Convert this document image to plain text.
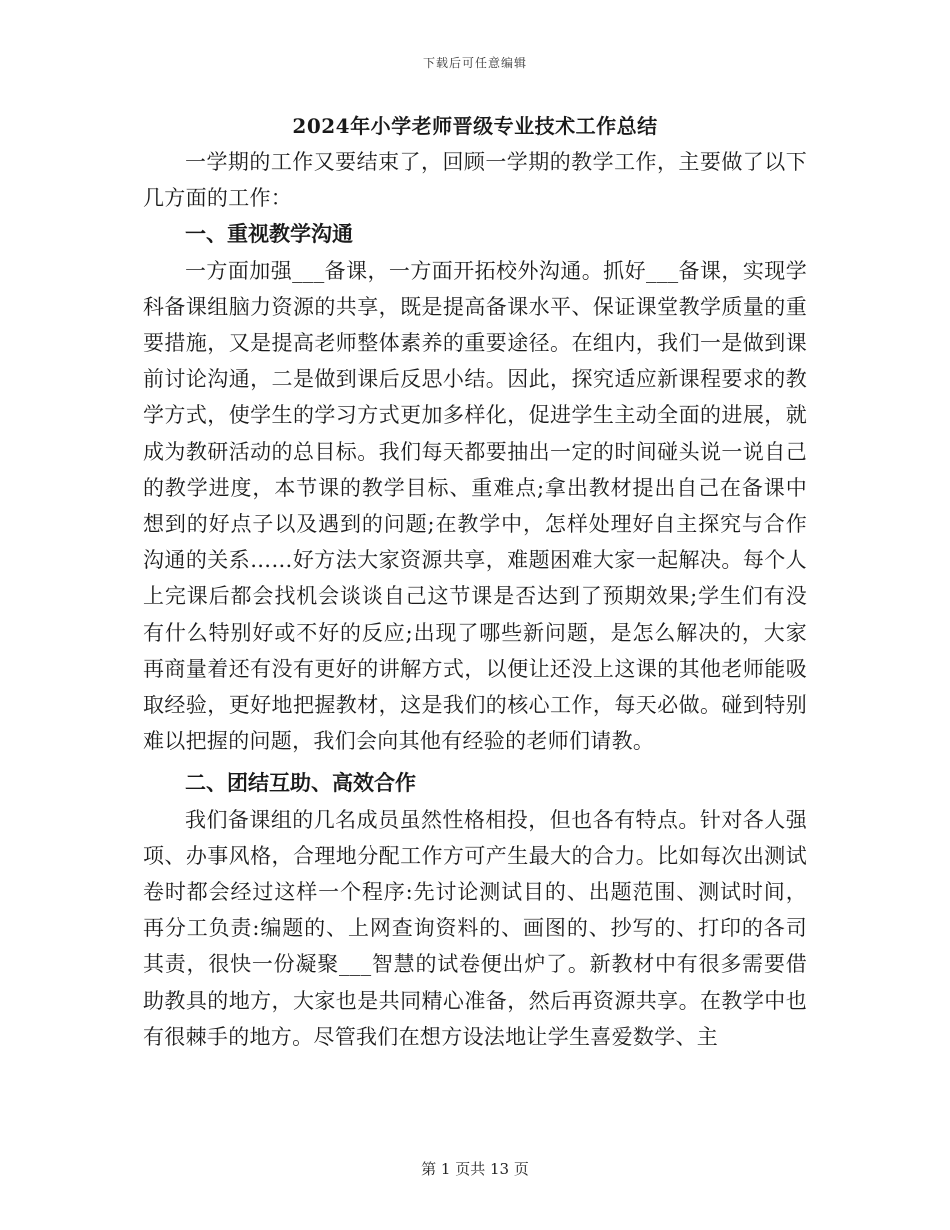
下载后可任意编辑
2024年小学老师晋级专业技术工作总结

一学期的工作又要结束了，回顾一学期的教学工作，主要做了以下几方面的工作：

一、重视教学沟通

一方面加强___备课，一方面开拓校外沟通。抓好___备课，实现学科备课组脑力资源的共享，既是提高备课水平、保证课堂教学质量的重要措施，又是提高老师整体素养的重要途径。在组内，我们一是做到课前讨论沟通，二是做到课后反思小结。因此，探究适应新课程要求的教学方式，使学生的学习方式更加多样化，促进学生主动全面的进展，就成为教研活动的总目标。我们每天都要抽出一定的时间碰头说一说自己的教学进度，本节课的教学目标、重难点;拿出教材提出自己在备课中想到的好点子以及遇到的问题;在教学中，怎样处理好自主探究与合作沟通的关系……好方法大家资源共享，难题困难大家一起解决。每个人上完课后都会找机会谈谈自己这节课是否达到了预期效果;学生们有没有什么特别好或不好的反应;出现了哪些新问题，是怎么解决的，大家再商量着还有没有更好的讲解方式，以便让还没上这课的其他老师能吸取经验，更好地把握教材，这是我们的核心工作，每天必做。碰到特别难以把握的问题，我们会向其他有经验的老师们请教。

二、团结互助、高效合作

我们备课组的几名成员虽然性格相投，但也各有特点。针对各人强项、办事风格，合理地分配工作方可产生最大的合力。比如每次出测试卷时都会经过这样一个程序:先讨论测试目的、出题范围、测试时间，再分工负责:编题的、上网查询资料的、画图的、抄写的、打印的各司其责，很快一份凝聚___智慧的试卷便出炉了。新教材中有很多需要借助教具的地方，大家也是共同精心准备，然后再资源共享。在教学中也有很棘手的地方。尽管我们在想方设法地让学生喜爱数学、主

第 1 页共 13 页
